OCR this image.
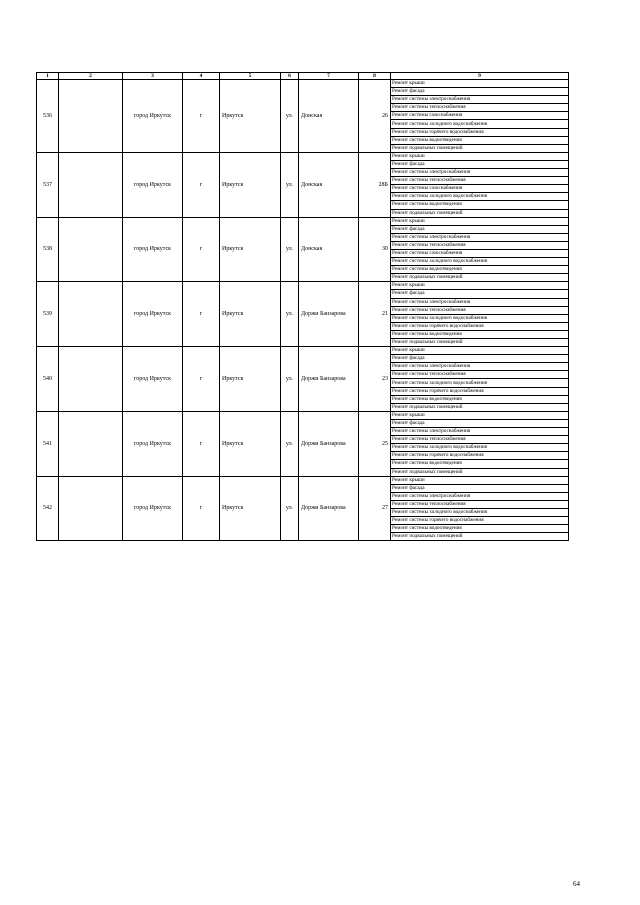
1	2	3	4	5	6	7	8	9
536		город Иркутск	г	Иркутск	ул.	Донская	26	Ремонт крыши
								Ремонт фасада
								Ремонт системы электроснабжения
								Ремонт системы теплоснабжения
								Ремонт системы газоснабжения
								Ремонт системы холодного водоснабжения
								Ремонт системы горячего водоснабжения
								Ремонт системы водоотведения
								Ремонт подвальных помещений
537		город Иркутск	г	Иркутск	ул.	Донская	28Б	Ремонт крыши
								Ремонт фасада
								Ремонт системы электроснабжения
								Ремонт системы теплоснабжения
								Ремонт системы газоснабжения
								Ремонт системы холодного водоснабжения
								Ремонт системы водоотведения
								Ремонт подвальных помещений
538		город Иркутск	г	Иркутск	ул.	Донская	30	Ремонт крыши
								Ремонт фасада
								Ремонт системы электроснабжения
								Ремонт системы теплоснабжения
								Ремонт системы газоснабжения
								Ремонт системы холодного водоснабжения
								Ремонт системы водоотведения
								Ремонт подвальных помещений
539		город Иркутск	г	Иркутск	ул.	Доржи Банзарова	21	Ремонт крыши
								Ремонт фасада
								Ремонт системы электроснабжения
								Ремонт системы теплоснабжения
								Ремонт системы холодного водоснабжения
								Ремонт системы горячего водоснабжения
								Ремонт системы водоотведения
								Ремонт подвальных помещений
540		город Иркутск	г	Иркутск	ул.	Доржи Банзарова	23	Ремонт крыши
								Ремонт фасада
								Ремонт системы электроснабжения
								Ремонт системы теплоснабжения
								Ремонт системы холодного водоснабжения
								Ремонт системы горячего водоснабжения
								Ремонт системы водоотведения
								Ремонт подвальных помещений
541		город Иркутск	г	Иркутск	ул.	Доржи Банзарова	25	Ремонт крыши
								Ремонт фасада
								Ремонт системы электроснабжения
								Ремонт системы теплоснабжения
								Ремонт системы холодного водоснабжения
								Ремонт системы горячего водоснабжения
								Ремонт системы водоотведения
								Ремонт подвальных помещений
542		город Иркутск	г	Иркутск	ул.	Доржи Банзарова	27	Ремонт крыши
								Ремонт фасада
								Ремонт системы электроснабжения
								Ремонт системы теплоснабжения
								Ремонт системы холодного водоснабжения
								Ремонт системы горячего водоснабжения
								Ремонт системы водоотведения
								Ремонт подвальных помещений
64
